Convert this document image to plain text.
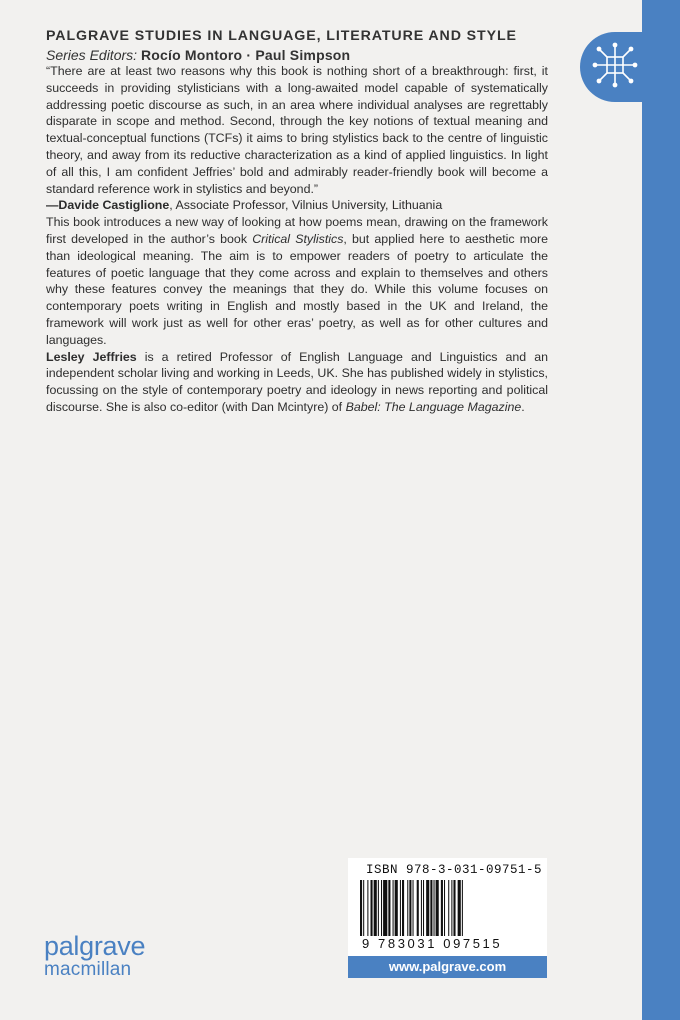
PALGRAVE STUDIES IN LANGUAGE, LITERATURE AND STYLE
Series Editors: Rocío Montoro · Paul Simpson

“There are at least two reasons why this book is nothing short of a breakthrough: first, it succeeds in providing stylisticians with a long-awaited model capable of systematically addressing poetic discourse as such, in an area where individual analyses are regrettably disparate in scope and method. Second, through the key notions of textual meaning and textual-conceptual functions (TCFs) it aims to bring stylistics back to the centre of linguistic theory, and away from its reductive characterization as a kind of applied linguistics. In light of all this, I am confident Jeffries’ bold and admirably reader-friendly book will become a standard reference work in stylistics and beyond.”

—Davide Castiglione, Associate Professor, Vilnius University, Lithuania

This book introduces a new way of looking at how poems mean, drawing on the framework first developed in the author’s book Critical Stylistics, but applied here to aesthetic more than ideological meaning. The aim is to empower readers of poetry to articulate the features of poetic language that they come across and explain to themselves and others why these features convey the meanings that they do. While this volume focuses on contemporary poets writing in English and mostly based in the UK and Ireland, the framework will work just as well for other eras’ poetry, as well as for other cultures and languages.

Lesley Jeffries is a retired Professor of English Language and Linguistics and an independent scholar living and working in Leeds, UK. She has published widely in stylistics, focussing on the style of contemporary poetry and ideology in news reporting and political discourse. She is also co-editor (with Dan Mcintyre) of Babel: The Language Magazine.

palgrave
macmillan
ISBN 978-3-031-09751-5
9 783031 097515
www.palgrave.com
